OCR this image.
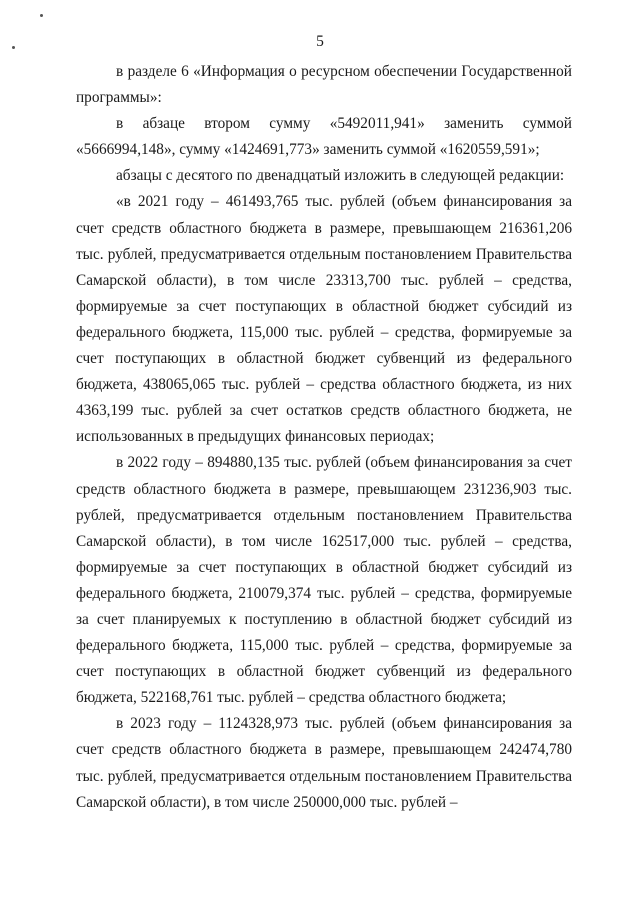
5

в разделе 6 «Информация о ресурсном обеспечении Государственной программы»:

в абзаце втором сумму «5492011,941» заменить суммой «5666994,148», сумму «1424691,773» заменить суммой «1620559,591»;

абзацы с десятого по двенадцатый изложить в следующей редакции:

«в 2021 году – 461493,765 тыс. рублей (объем финансирования за счет средств областного бюджета в размере, превышающем 216361,206 тыс. рублей, предусматривается отдельным постановлением Правительства Самарской области), в том числе 23313,700 тыс. рублей – средства, формируемые за счет поступающих в областной бюджет субсидий из федерального бюджета, 115,000 тыс. рублей – средства, формируемые за счет поступающих в областной бюджет субвенций из федерального бюджета, 438065,065 тыс. рублей – средства областного бюджета, из них 4363,199 тыс. рублей за счет остатков средств областного бюджета, не использованных в предыдущих финансовых периодах;

в 2022 году – 894880,135 тыс. рублей (объем финансирования за счет средств областного бюджета в размере, превышающем 231236,903 тыс. рублей, предусматривается отдельным постановлением Правительства Самарской области), в том числе 162517,000 тыс. рублей – средства, формируемые за счет поступающих в областной бюджет субсидий из федерального бюджета, 210079,374 тыс. рублей – средства, формируемые за счет планируемых к поступлению в областной бюджет субсидий из федерального бюджета, 115,000 тыс. рублей – средства, формируемые за счет поступающих в областной бюджет субвенций из федерального бюджета, 522168,761 тыс. рублей – средства областного бюджета;

в 2023 году – 1124328,973 тыс. рублей (объем финансирования за счет средств областного бюджета в размере, превышающем 242474,780 тыс. рублей, предусматривается отдельным постановлением Правительства Самарской области), в том числе 250000,000 тыс. рублей –
